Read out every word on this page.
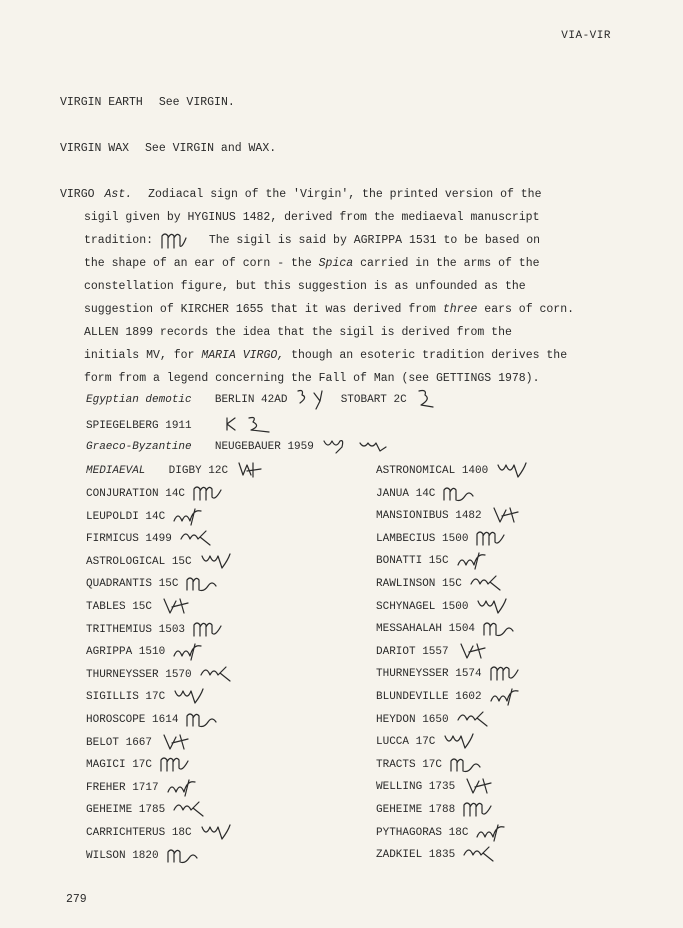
VIA-VIR
VIRGIN EARTH See VIRGIN.
VIRGIN WAX See VIRGIN and WAX.
VIRGO Ast. Zodiacal sign of the 'Virgin', the printed version of the
sigil given by HYGINUS 1482, derived from the mediaeval manuscript
tradition:	The sigil is said by AGRIPPA 1531 to be based on
the shape of an ear of corn - the Spica carried in the arms of the
constellation figure, but this suggestion is as unfounded as the
suggestion of KIRCHER 1655 that it was derived from three ears of corn.
ALLEN 1899 records the idea that the sigil is derived from the
initials MV, for MARIA VIRGO, though an esoteric tradition derives the
form from a legend concerning the Fall of Man (see GETTINGS 1978).
Egyptian demotic BERLIN 42AD	STOBART 2C
SPIEGELBERG 1911
Graeco-Byzantine NEUGEBAUER 1959
MEDIAEVAL DIGBY 12C
CONJURATION 14C
LEUPOLDI 14C
FIRMICUS 1499
ASTROLOGICAL 15C
QUADRANTIS 15C
TABLES 15C
TRITHEMIUS 1503
AGRIPPA 1510
THURNEYSSER 1570
SIGILLIS 17C
HOROSCOPE 1614
BELOT 1667
MAGICI 17C
FREHER 1717
GEHEIME 1785
CARRICHTERUS 18C
WILSON 1820
ASTRONOMICAL 1400
JANUA 14C
MANSIONIBUS 1482
LAMBECIUS 1500
BONATTI 15C
RAWLINSON 15C
SCHYNAGEL 1500
MESSAHALAH 1504
DARIOT 1557
THURNEYSSER 1574
BLUNDEVILLE 1602
HEYDON 1650
LUCCA 17C
TRACTS 17C
WELLING 1735
GEHEIME 1788
PYTHAGORAS 18C
ZADKIEL 1835
279
